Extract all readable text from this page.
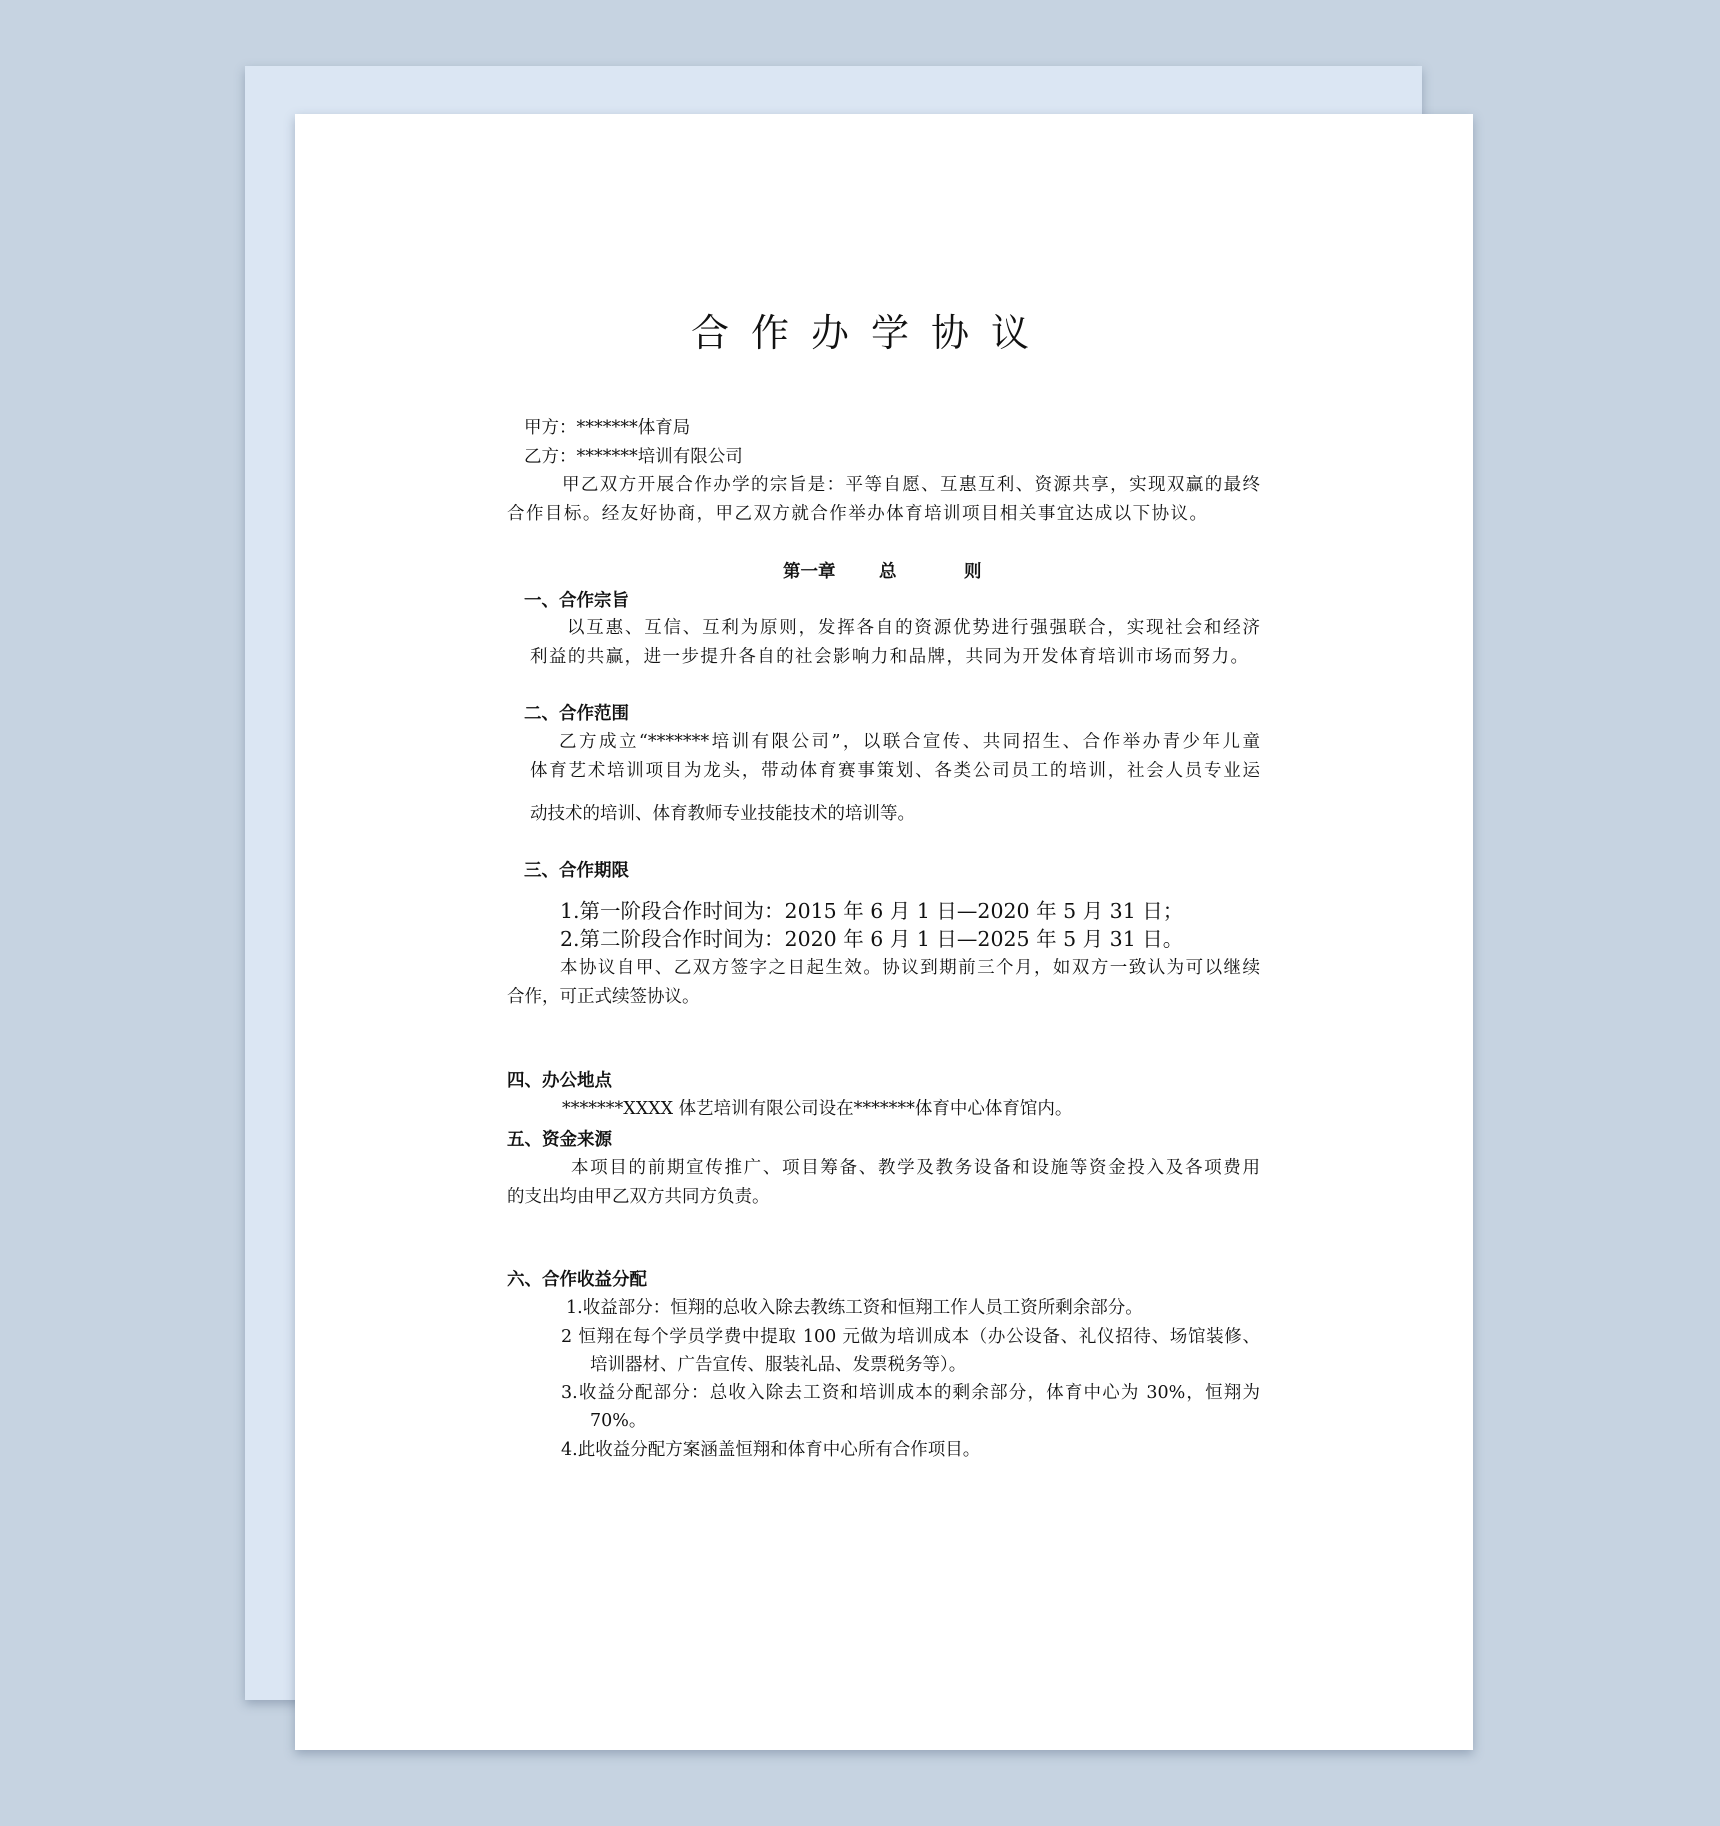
合作办学协议
甲方：*******体育局
乙方：*******培训有限公司
甲乙双方开展合作办学的宗旨是：平等自愿、互惠互利、资源共享，实现双赢的最终
合作目标。经友好协商，甲乙双方就合作举办体育培训项目相关事宜达成以下协议。
第一章 总	则
一、合作宗旨
以互惠、互信、互利为原则，发挥各自的资源优势进行强强联合，实现社会和经济
利益的共赢，进一步提升各自的社会影响力和品牌，共同为开发体育培训市场而努力。
二、合作范围
乙方成立“*******培训有限公司”，以联合宣传、共同招生、合作举办青少年儿童
体育艺术培训项目为龙头，带动体育赛事策划、各类公司员工的培训，社会人员专业运
动技术的培训、体育教师专业技能技术的培训等。
三、合作期限
1.第一阶段合作时间为：2015 年 6 月 1 日—2020 年 5 月 31 日；
2.第二阶段合作时间为：2020 年 6 月 1 日—2025 年 5 月 31 日。
本协议自甲、乙双方签字之日起生效。协议到期前三个月，如双方一致认为可以继续
合作，可正式续签协议。
四、办公地点
*******XXXX 体艺培训有限公司设在*******体育中心体育馆内。
五、资金来源
本项目的前期宣传推广、项目筹备、教学及教务设备和设施等资金投入及各项费用
的支出均由甲乙双方共同方负责。
六、合作收益分配
1.收益部分：恒翔的总收入除去教练工资和恒翔工作人员工资所剩余部分。
2 恒翔在每个学员学费中提取 100 元做为培训成本（办公设备、礼仪招待、场馆装修、
培训器材、广告宣传、服装礼品、发票税务等）。
3.收益分配部分：总收入除去工资和培训成本的剩余部分，体育中心为 30%，恒翔为
70%。
4.此收益分配方案涵盖恒翔和体育中心所有合作项目。
